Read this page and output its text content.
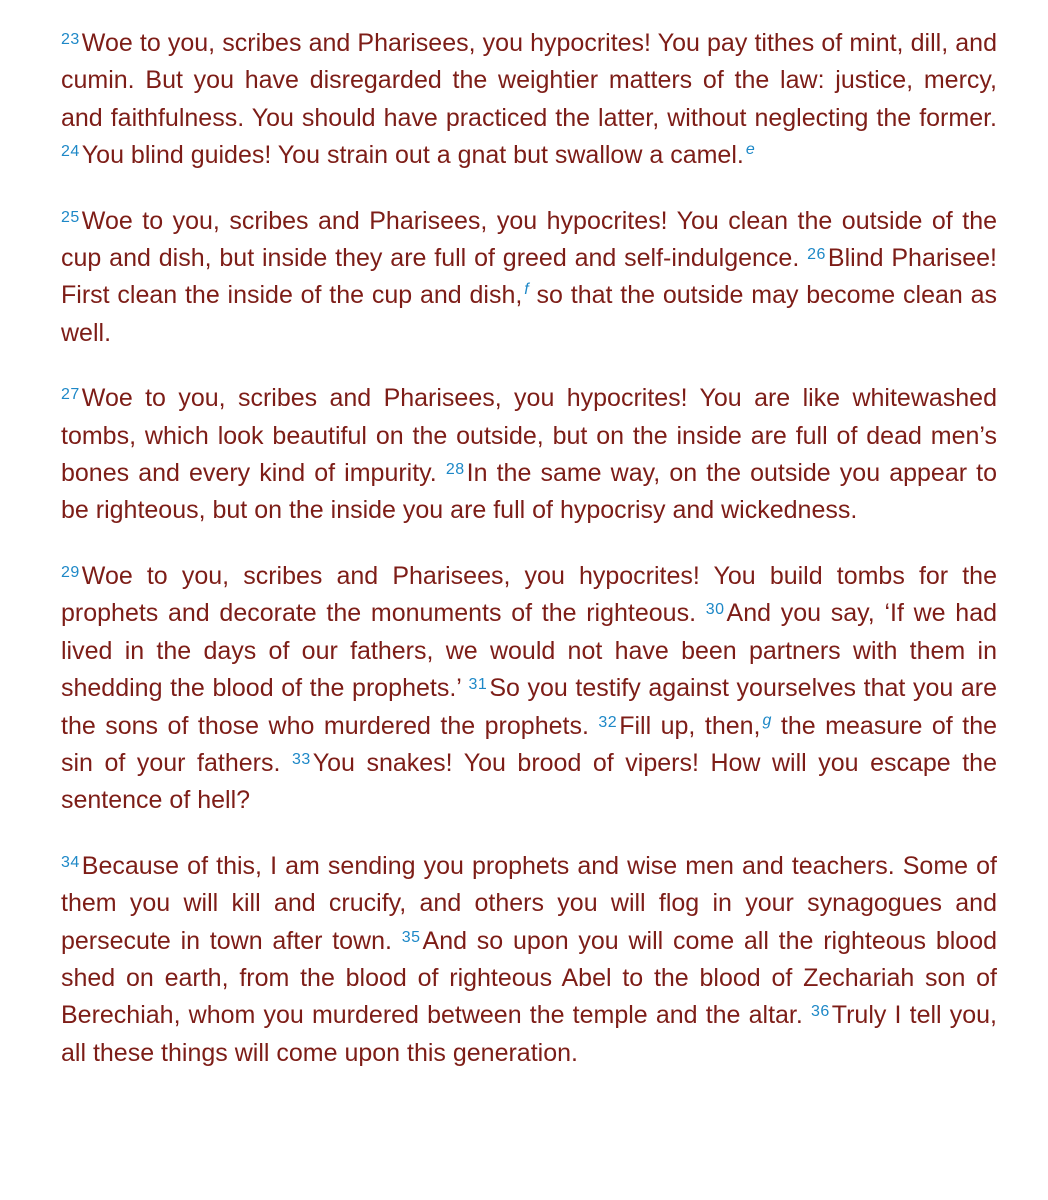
$^{23}$Woe to you, scribes and Pharisees, you hypocrites! You pay tithes of mint, dill, and cumin. But you have disregarded the weightier matters of the law: justice, mercy, and faithfulness. You should have practiced the latter, without neglecting the former. $^{24}$You blind guides! You strain out a gnat but swallow a camel. $^e$

$^{25}$Woe to you, scribes and Pharisees, you hypocrites! You clean the outside of the cup and dish, but inside they are full of greed and self-indulgence. $^{26}$Blind Pharisee! First clean the inside of the cup and dish, $^f$ so that the outside may become clean as well.

$^{27}$Woe to you, scribes and Pharisees, you hypocrites! You are like whitewashed tombs, which look beautiful on the outside, but on the inside are full of dead men’s bones and every kind of impurity. $^{28}$In the same way, on the outside you appear to be righteous, but on the inside you are full of hypocrisy and wickedness.

$^{29}$Woe to you, scribes and Pharisees, you hypocrites! You build tombs for the prophets and decorate the monuments of the righteous. $^{30}$And you say, ‘If we had lived in the days of our fathers, we would not have been partners with them in shedding the blood of the prophets.’ $^{31}$So you testify against yourselves that you are the sons of those who murdered the prophets. $^{32}$Fill up, then, $^g$ the measure of the sin of your fathers. $^{33}$You snakes! You brood of vipers! How will you escape the sentence of hell?

$^{34}$Because of this, I am sending you prophets and wise men and teachers. Some of them you will kill and crucify, and others you will flog in your synagogues and persecute in town after town. $^{35}$And so upon you will come all the righteous blood shed on earth, from the blood of righteous Abel to the blood of Zechariah son of Berechiah, whom you murdered between the temple and the altar. $^{36}$Truly I tell you, all these things will come upon this generation.
